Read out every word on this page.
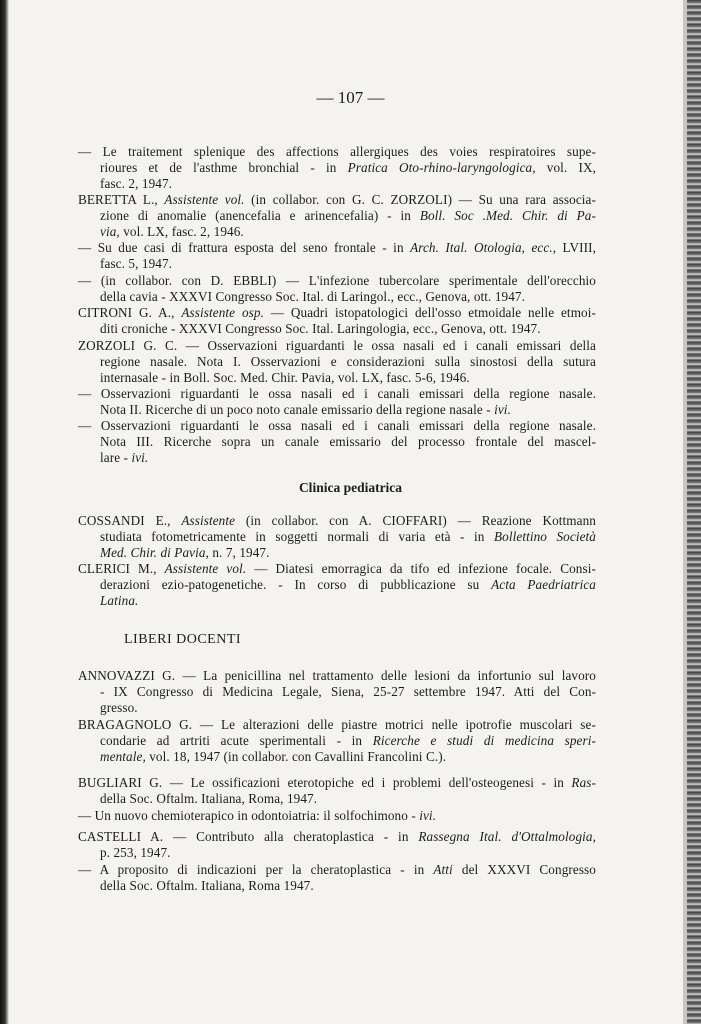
— 107 —
Clinica pediatrica
LIBERI DOCENTI
— Le traitement splenique des affections allergiques des voies respiratoires supe-
rioures et de l'asthme bronchial - in Pratica Oto-rhino-laryngologica, vol. IX,
fasc. 2, 1947.
BERETTA L., Assistente vol. (in collabor. con G. C. ZORZOLI) — Su una rara associa-
zione di anomalie (anencefalia e arinencefalia) - in Boll. Soc .Med. Chir. di Pa-
via, vol. LX, fasc. 2, 1946.
— Su due casi di frattura esposta del seno frontale - in Arch. Ital. Otologia, ecc., LVIII,
fasc. 5, 1947.
— (in collabor. con D. EBBLI) — L'infezione tubercolare sperimentale dell'orecchio
della cavia - XXXVI Congresso Soc. Ital. di Laringol., ecc., Genova, ott. 1947.
CITRONI G. A., Assistente osp. — Quadri istopatologici dell'osso etmoidale nelle etmoi-
diti croniche - XXXVI Congresso Soc. Ital. Laringologia, ecc., Genova, ott. 1947.
ZORZOLI G. C. — Osservazioni riguardanti le ossa nasali ed i canali emissari della
regione nasale. Nota I. Osservazioni e considerazioni sulla sinostosi della sutura
internasale - in Boll. Soc. Med. Chir. Pavia, vol. LX, fasc. 5-6, 1946.
— Osservazioni riguardanti le ossa nasali ed i canali emissari della regione nasale.
Nota II. Ricerche di un poco noto canale emissario della regione nasale - ivi.
— Osservazioni riguardanti le ossa nasali ed i canali emissari della regione nasale.
Nota III. Ricerche sopra un canale emissario del processo frontale del mascel-
lare - ivi.
COSSANDI E., Assistente (in collabor. con A. CIOFFARI) — Reazione Kottmann
studiata fotometricamente in soggetti normali di varia età - in Bollettino Società
Med. Chir. di Pavia, n. 7, 1947.
CLERICI M., Assistente vol. — Diatesi emorragica da tifo ed infezione focale. Consi-
derazioni ezio-patogenetiche. - In corso di pubblicazione su Acta Paedriatrica
Latina.
ANNOVAZZI G. — La penicillina nel trattamento delle lesioni da infortunio sul lavoro
- IX Congresso di Medicina Legale, Siena, 25-27 settembre 1947. Atti del Con-
gresso.
BRAGAGNOLO G. — Le alterazioni delle piastre motrici nelle ipotrofie muscolari se-
condarie ad artriti acute sperimentali - in Ricerche e studi di medicina speri-
mentale, vol. 18, 1947 (in collabor. con Cavallini Francolini C.).
BUGLIARI G. — Le ossificazioni eterotopiche ed i problemi dell'osteogenesi - in Ras-
della Soc. Oftalm. Italiana, Roma, 1947.
— Un nuovo chemioterapico in odontoiatria: il solfochimono - ivi.
CASTELLI A. — Contributo alla cheratoplastica - in Rassegna Ital. d'Ottalmologia,
p. 253, 1947.
— A proposito di indicazioni per la cheratoplastica - in Atti del XXXVI Congresso
della Soc. Oftalm. Italiana, Roma 1947.
